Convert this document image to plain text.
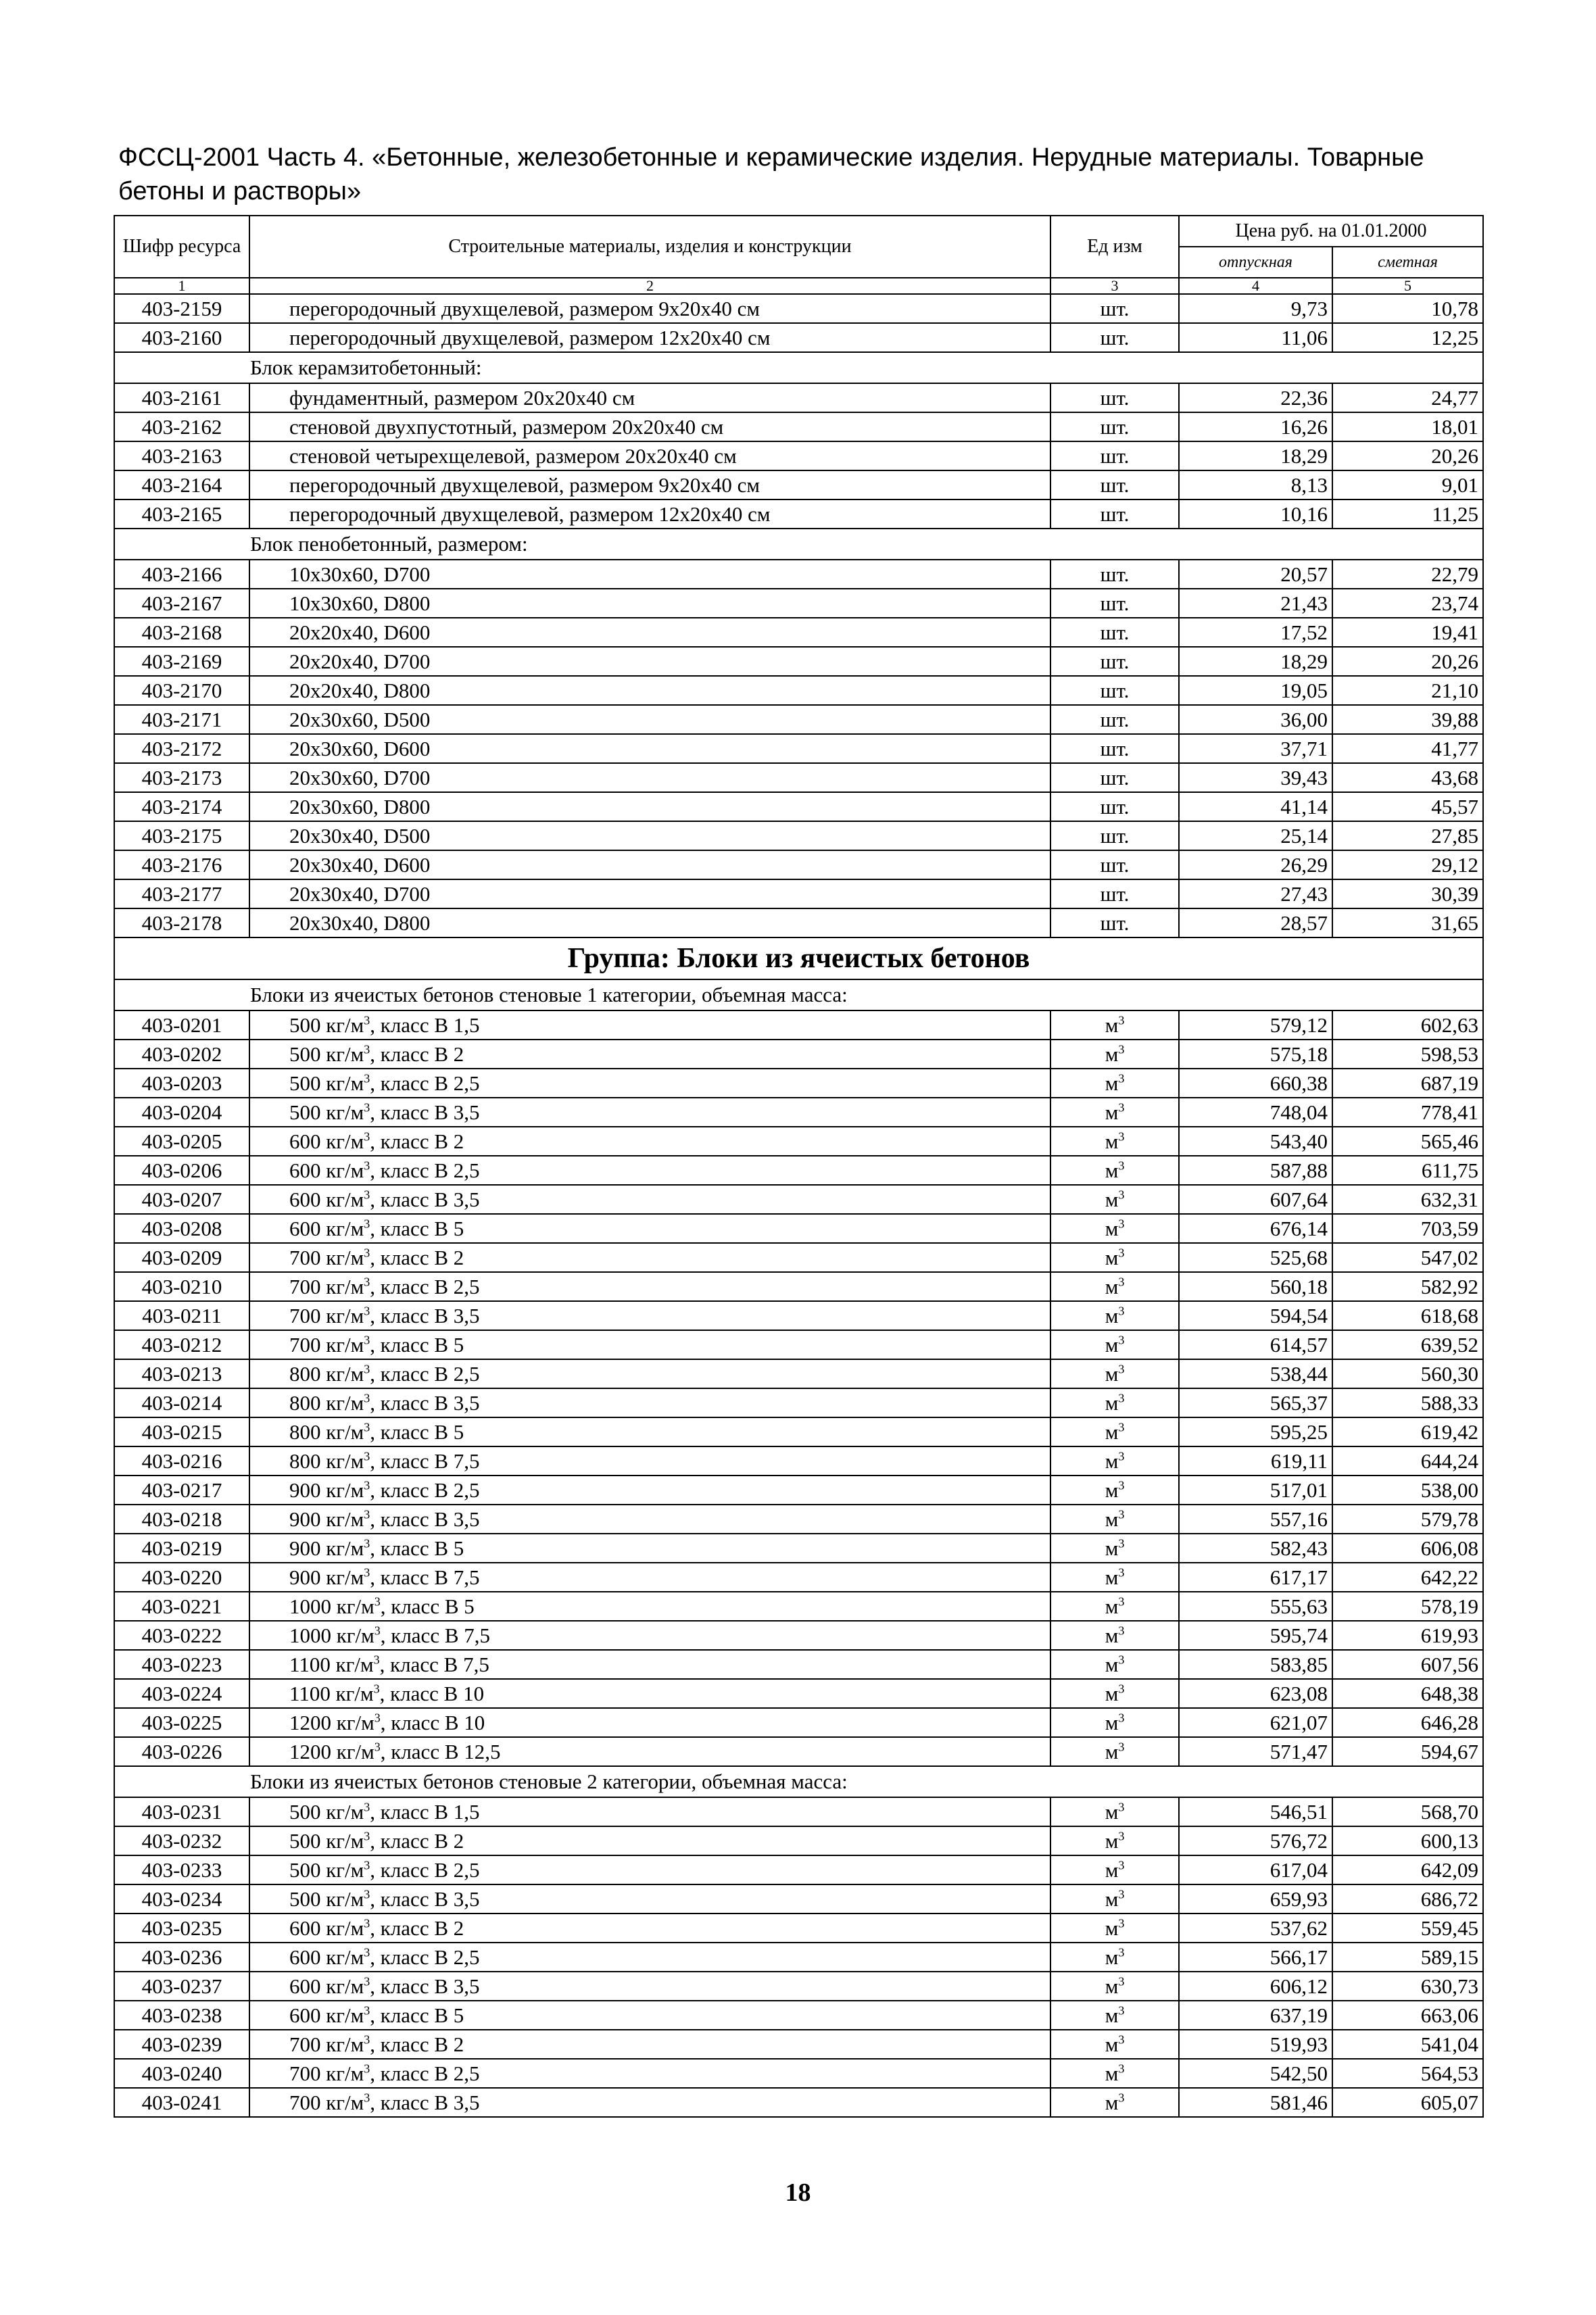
ФССЦ-2001 Часть 4. «Бетонные, железобетонные и керамические изделия. Нерудные материалы. Товарные бетоны и растворы»
Шифр ресурса	Строительные материалы, изделия и конструкции	Ед изм	Цена руб. на 01.01.2000	
			отпускная	сметная
1	2	3	4	5
403-2159	перегородочный двухщелевой, размером 9х20х40 см	шт.	9,73	10,78
403-2160	перегородочный двухщелевой, размером 12х20х40 см	шт.	11,06	12,25
Блок керамзитобетонный:				
403-2161	фундаментный, размером 20х20х40 см	шт.	22,36	24,77
403-2162	стеновой двухпустотный, размером 20х20х40 см	шт.	16,26	18,01
403-2163	стеновой четырехщелевой, размером 20х20х40 см	шт.	18,29	20,26
403-2164	перегородочный двухщелевой, размером 9х20х40 см	шт.	8,13	9,01
403-2165	перегородочный двухщелевой, размером 12х20х40 см	шт.	10,16	11,25
Блок пенобетонный, размером:				
403-2166	10х30х60, D700	шт.	20,57	22,79
403-2167	10х30х60, D800	шт.	21,43	23,74
403-2168	20х20х40, D600	шт.	17,52	19,41
403-2169	20х20х40, D700	шт.	18,29	20,26
403-2170	20х20х40, D800	шт.	19,05	21,10
403-2171	20х30х60, D500	шт.	36,00	39,88
403-2172	20х30х60, D600	шт.	37,71	41,77
403-2173	20х30х60, D700	шт.	39,43	43,68
403-2174	20х30х60, D800	шт.	41,14	45,57
403-2175	20х30х40, D500	шт.	25,14	27,85
403-2176	20х30х40, D600	шт.	26,29	29,12
403-2177	20х30х40, D700	шт.	27,43	30,39
403-2178	20х30х40, D800	шт.	28,57	31,65
Группа: Блоки из ячеистых бетонов				
Блоки из ячеистых бетонов стеновые 1 категории, объемная масса:				
403-0201	500 $кг/м^3$, класс В 1,5	$м^3$	579,12	602,63
403-0202	500 $кг/м^3$, класс В 2	$м^3$	575,18	598,53
403-0203	500 $кг/м^3$, класс В 2,5	$м^3$	660,38	687,19
403-0204	500 $кг/м^3$, класс В 3,5	$м^3$	748,04	778,41
403-0205	600 $кг/м^3$, класс В 2	$м^3$	543,40	565,46
403-0206	600 $кг/м^3$, класс В 2,5	$м^3$	587,88	611,75
403-0207	600 $кг/м^3$, класс В 3,5	$м^3$	607,64	632,31
403-0208	600 $кг/м^3$, класс В 5	$м^3$	676,14	703,59
403-0209	700 $кг/м^3$, класс В 2	$м^3$	525,68	547,02
403-0210	700 $кг/м^3$, класс В 2,5	$м^3$	560,18	582,92
403-0211	700 $кг/м^3$, класс В 3,5	$м^3$	594,54	618,68
403-0212	700 $кг/м^3$, класс В 5	$м^3$	614,57	639,52
403-0213	800 $кг/м^3$, класс В 2,5	$м^3$	538,44	560,30
403-0214	800 $кг/м^3$, класс В 3,5	$м^3$	565,37	588,33
403-0215	800 $кг/м^3$, класс В 5	$м^3$	595,25	619,42
403-0216	800 $кг/м^3$, класс В 7,5	$м^3$	619,11	644,24
403-0217	900 $кг/м^3$, класс В 2,5	$м^3$	517,01	538,00
403-0218	900 $кг/м^3$, класс В 3,5	$м^3$	557,16	579,78
403-0219	900 $кг/м^3$, класс В 5	$м^3$	582,43	606,08
403-0220	900 $кг/м^3$, класс В 7,5	$м^3$	617,17	642,22
403-0221	1000 $кг/м^3$, класс В 5	$м^3$	555,63	578,19
403-0222	1000 $кг/м^3$, класс В 7,5	$м^3$	595,74	619,93
403-0223	1100 $кг/м^3$, класс В 7,5	$м^3$	583,85	607,56
403-0224	1100 $кг/м^3$, класс В 10	$м^3$	623,08	648,38
403-0225	1200 $кг/м^3$, класс В 10	$м^3$	621,07	646,28
403-0226	1200 $кг/м^3$, класс В 12,5	$м^3$	571,47	594,67
Блоки из ячеистых бетонов стеновые 2 категории, объемная масса:				
403-0231	500 $кг/м^3$, класс В 1,5	$м^3$	546,51	568,70
403-0232	500 $кг/м^3$, класс В 2	$м^3$	576,72	600,13
403-0233	500 $кг/м^3$, класс В 2,5	$м^3$	617,04	642,09
403-0234	500 $кг/м^3$, класс В 3,5	$м^3$	659,93	686,72
403-0235	600 $кг/м^3$, класс В 2	$м^3$	537,62	559,45
403-0236	600 $кг/м^3$, класс В 2,5	$м^3$	566,17	589,15
403-0237	600 $кг/м^3$, класс В 3,5	$м^3$	606,12	630,73
403-0238	600 $кг/м^3$, класс В 5	$м^3$	637,19	663,06
403-0239	700 $кг/м^3$, класс В 2	$м^3$	519,93	541,04
403-0240	700 $кг/м^3$, класс В 2,5	$м^3$	542,50	564,53
403-0241	700 $кг/м^3$, класс В 3,5	$м^3$	581,46	605,07
18
